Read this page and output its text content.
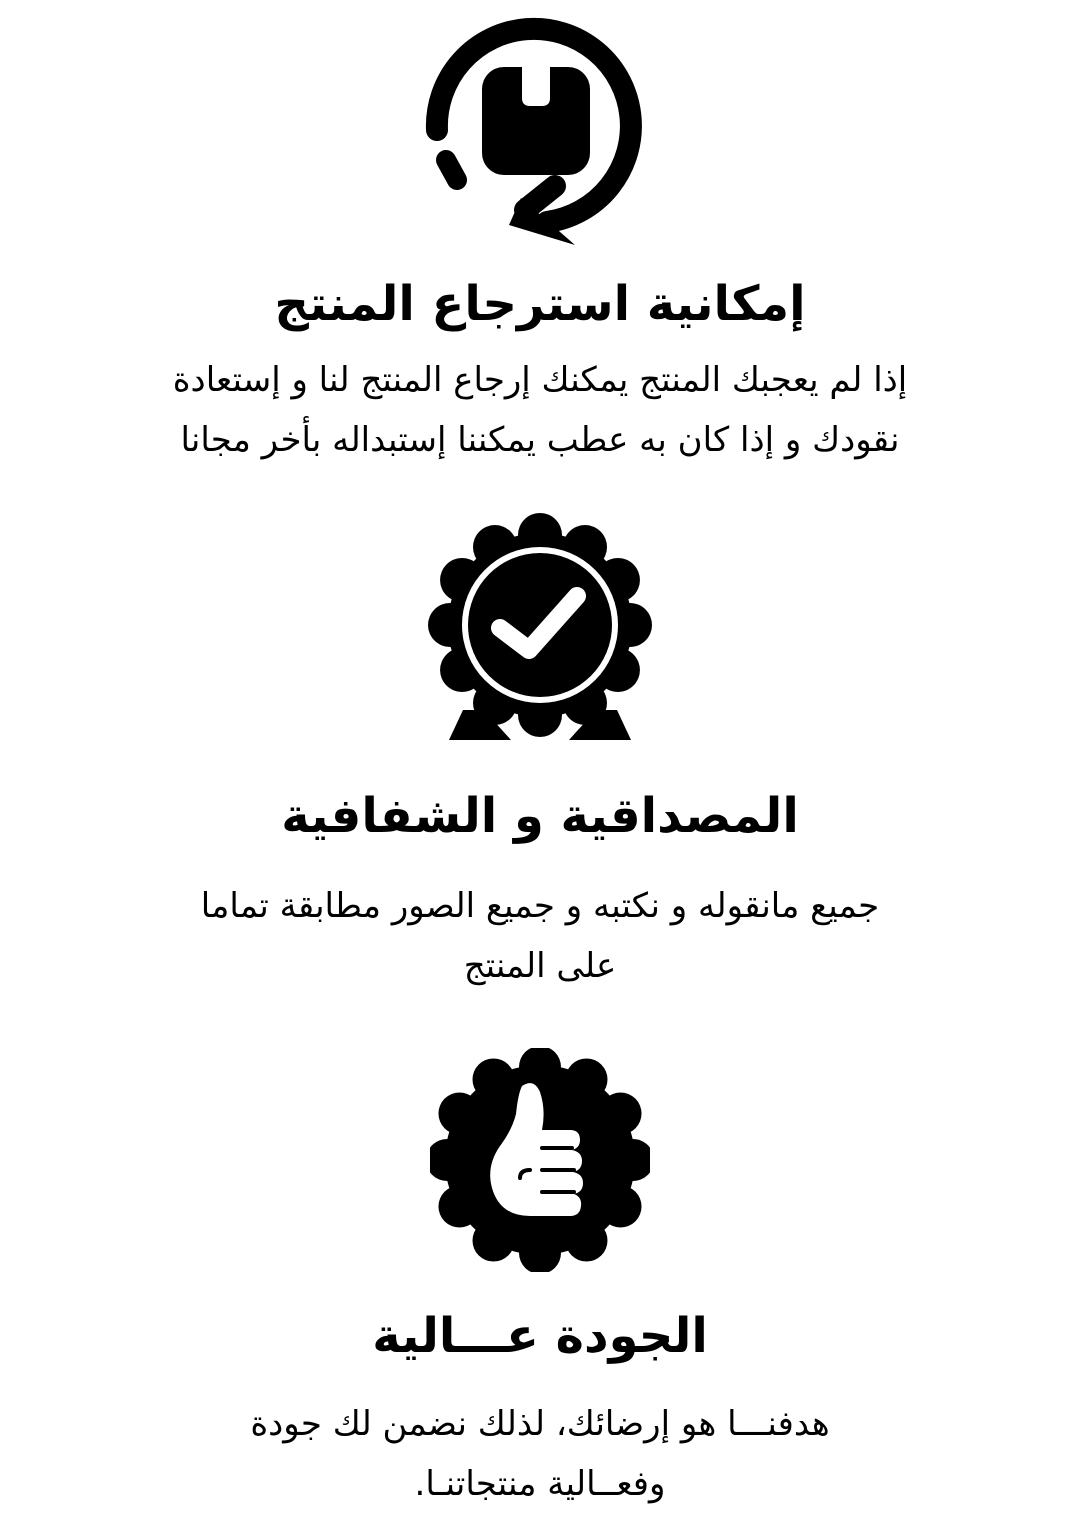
إمكانية استرجاع المنتج
إذا لم يعجبك المنتج يمكنك إرجاع المنتج لنا و إستعادة
نقودك و إذا كان به عطب يمكننا إستبداله بأخر مجانا
المصداقية و الشفافية
جميع مانقوله و نكتبه و جميع الصور مطابقة تماما
على المنتج
الجودة عـــالية
هدفنـــا هو إرضائك، لذلك نضمن لك جودة
وفعــالية منتجاتنـا.
